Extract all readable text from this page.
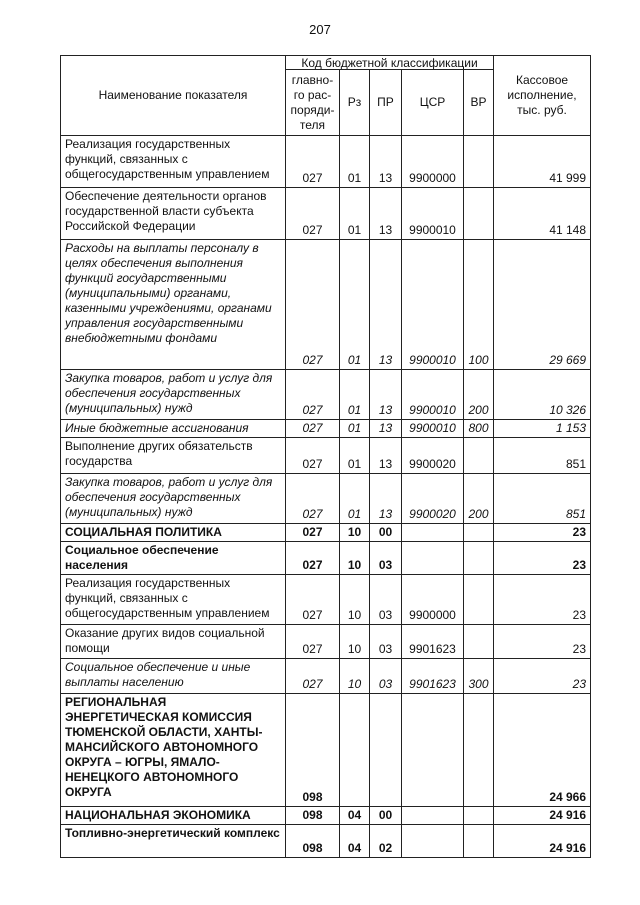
207
Наименование показателя	Код бюджетной классификации					Кассовое
исполнение,
тыс. руб.
	главно-
го рас-
поряди-
теля	Рз	ПР	ЦСР	ВР	
Реализация государственных функций, связанных с общегосударственным управлением	027	01	13	9900000		41 999
Обеспечение деятельности органов государственной власти субъекта Российской Федерации	027	01	13	9900010		41 148
Расходы на выплаты персоналу в целях обеспечения выполнения функций государственными (муниципальными) органами, казенными учреждениями, органами управления государственными внебюджетными фондами	027	01	13	9900010	100	29 669
Закупка товаров, работ и услуг для обеспечения государственных (муниципальных) нужд	027	01	13	9900010	200	10 326
Иные бюджетные ассигнования	027	01	13	9900010	800	1 153
Выполнение других обязательств государства	027	01	13	9900020		851
Закупка товаров, работ и услуг для обеспечения государственных (муниципальных) нужд	027	01	13	9900020	200	851
СОЦИАЛЬНАЯ ПОЛИТИКА	027	10	00			23
Социальное обеспечение населения	027	10	03			23
Реализация государственных функций, связанных с общегосударственным управлением	027	10	03	9900000		23
Оказание других видов социальной помощи	027	10	03	9901623		23
Социальное обеспечение и иные выплаты населению	027	10	03	9901623	300	23
РЕГИОНАЛЬНАЯ ЭНЕРГЕТИЧЕСКАЯ КОМИССИЯ ТЮМЕНСКОЙ ОБЛАСТИ, ХАНТЫ-МАНСИЙСКОГО АВТОНОМНОГО ОКРУГА – ЮГРЫ, ЯМАЛО-НЕНЕЦКОГО АВТОНОМНОГО ОКРУГА	098					24 966
НАЦИОНАЛЬНАЯ ЭКОНОМИКА	098	04	00			24 916
Топливно-энергетический комплекс	098	04	02			24 916
